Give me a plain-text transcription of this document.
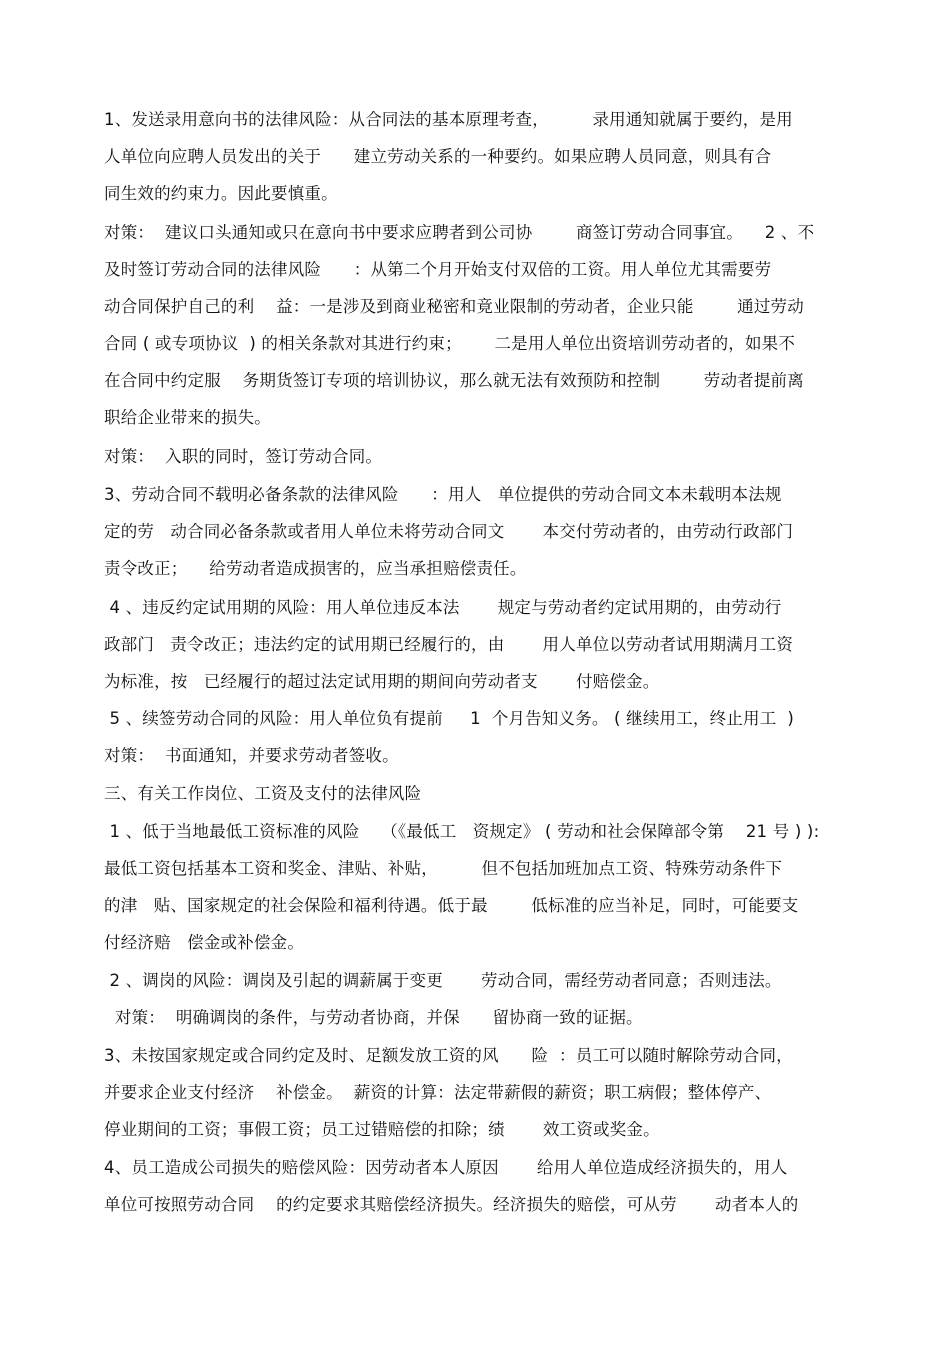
1、发送录用意向书的法律风险：从合同法的基本原理考查，        录用通知就属于要约，是用
人单位向应聘人员发出的关于      建立劳动关系的一种要约。如果应聘人员同意，则具有合
同生效的约束力。因此要慎重。
对策：  建议口头通知或只在意向书中要求应聘者到公司协        商签订劳动合同事宜。    2 、不
及时签订劳动合同的法律风险      ：从第二个月开始支付双倍的工资。用人单位尤其需要劳
动合同保护自己的利    益：一是涉及到商业秘密和竟业限制的劳动者，企业只能        通过劳动
合同 ( 或专项协议  ) 的相关条款对其进行约束；      二是用人单位出资培训劳动者的，如果不
在合同中约定服    务期货签订专项的培训协议，那么就无法有效预防和控制        劳动者提前离
职给企业带来的损失。
对策：  入职的同时，签订劳动合同。
3、劳动合同不载明必备条款的法律风险      ：用人   单位提供的劳动合同文本未载明本法规
定的劳   动合同必备条款或者用人单位未将劳动合同文       本交付劳动者的，由劳动行政部门
责令改正；    给劳动者造成损害的，应当承担赔偿责任。
4 、违反约定试用期的风险：用人单位违反本法       规定与劳动者约定试用期的，由劳动行
政部门   责令改正；违法约定的试用期已经履行的，由       用人单位以劳动者试用期满月工资
为标准，按   已经履行的超过法定试用期的期间向劳动者支       付赔偿金。
5 、续签劳动合同的风险：用人单位负有提前     1  个月告知义务。 ( 继续用工，终止用工  )
对策：  书面通知，并要求劳动者签收。
三、有关工作岗位、工资及支付的法律风险
1 、低于当地最低工资标准的风险    （《最低工   资规定》 ( 劳动和社会保障部令第    21 号 ) ):
最低工资包括基本工资和奖金、津贴、补贴，        但不包括加班加点工资、特殊劳动条件下
的津   贴、国家规定的社会保险和福利待遇。低于最        低标准的应当补足，同时，可能要支
付经济赔   偿金或补偿金。
2 、调岗的风险：调岗及引起的调薪属于变更       劳动合同，需经劳动者同意；否则违法。
对策：  明确调岗的条件，与劳动者协商，并保      留协商一致的证据。
3、未按国家规定或合同约定及时、足额发放工资的风      险  ：员工可以随时解除劳动合同，
并要求企业支付经济    补偿金。  薪资的计算：法定带薪假的薪资；职工病假；整体停产、
停业期间的工资；事假工资；员工过错赔偿的扣除；绩       效工资或奖金。
4、员工造成公司损失的赔偿风险：因劳动者本人原因       给用人单位造成经济损失的，用人
单位可按照劳动合同    的约定要求其赔偿经济损失。经济损失的赔偿，可从劳       动者本人的
